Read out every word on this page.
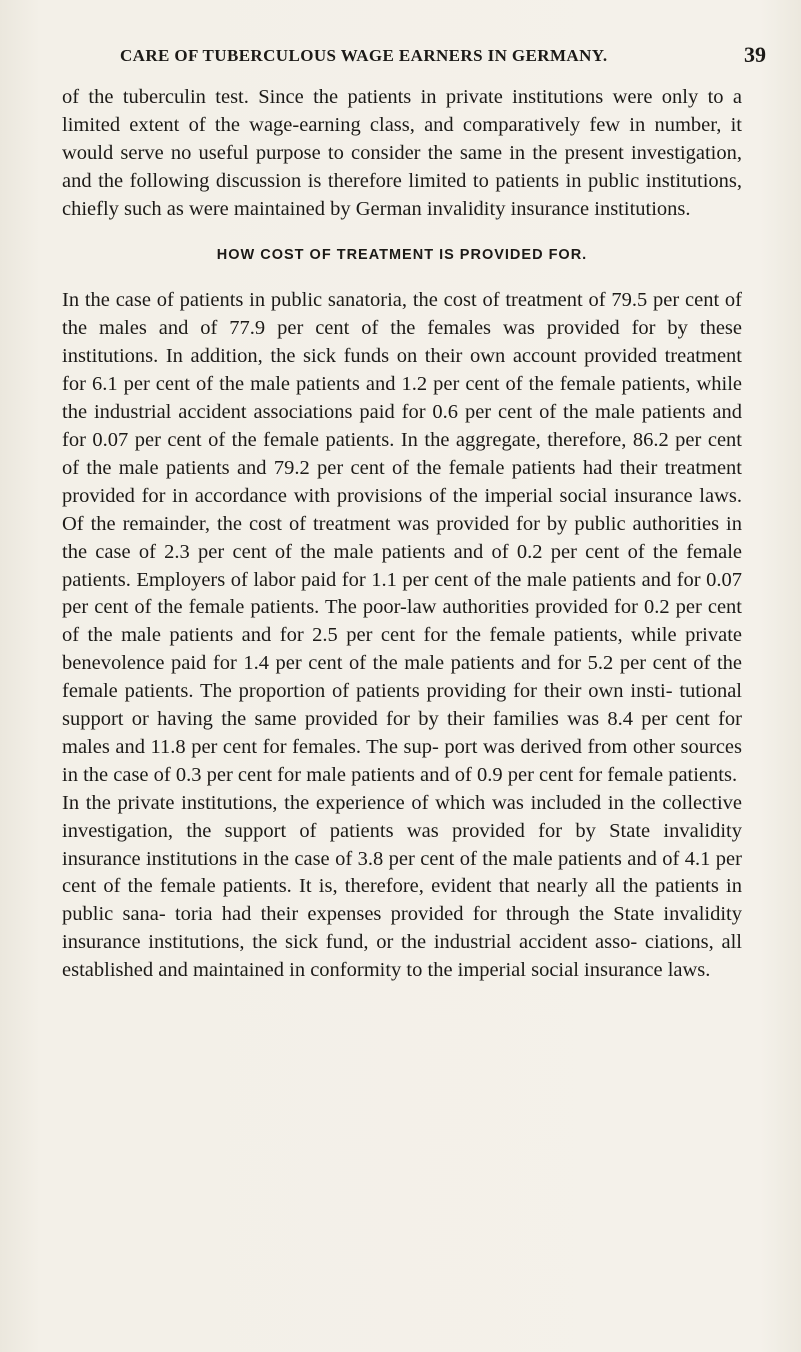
CARE OF TUBERCULOUS WAGE EARNERS IN GERMANY.	39

of the tuberculin test. Since the patients in private institutions were only to a limited extent of the wage-earning class, and comparatively few in number, it would serve no useful purpose to consider the same in the present investigation, and the following discussion is therefore limited to patients in public institutions, chiefly such as were maintained by German invalidity insurance institutions.

HOW COST OF TREATMENT IS PROVIDED FOR.

In the case of patients in public sanatoria, the cost of treatment of 79.5 per cent of the males and of 77.9 per cent of the females was provided for by these institutions. In addition, the sick funds on their own account provided treatment for 6.1 per cent of the male patients and 1.2 per cent of the female patients, while the industrial accident associations paid for 0.6 per cent of the male patients and for 0.07 per cent of the female patients. In the aggregate, therefore, 86.2 per cent of the male patients and 79.2 per cent of the female patients had their treatment provided for in accordance with provisions of the imperial social insurance laws. Of the remainder, the cost of treatment was provided for by public authorities in the case of 2.3 per cent of the male patients and of 0.2 per cent of the female patients. Employers of labor paid for 1.1 per cent of the male patients and for 0.07 per cent of the female patients. The poor-law authorities provided for 0.2 per cent of the male patients and for 2.5 per cent for the female patients, while private benevolence paid for 1.4 per cent of the male patients and for 5.2 per cent of the female patients. The proportion of patients providing for their own insti- tutional support or having the same provided for by their families was 8.4 per cent for males and 11.8 per cent for females. The sup- port was derived from other sources in the case of 0.3 per cent for male patients and of 0.9 per cent for female patients.

In the private institutions, the experience of which was included in the collective investigation, the support of patients was provided for by State invalidity insurance institutions in the case of 3.8 per cent of the male patients and of 4.1 per cent of the female patients. It is, therefore, evident that nearly all the patients in public sana- toria had their expenses provided for through the State invalidity insurance institutions, the sick fund, or the industrial accident asso- ciations, all established and maintained in conformity to the imperial social insurance laws.
